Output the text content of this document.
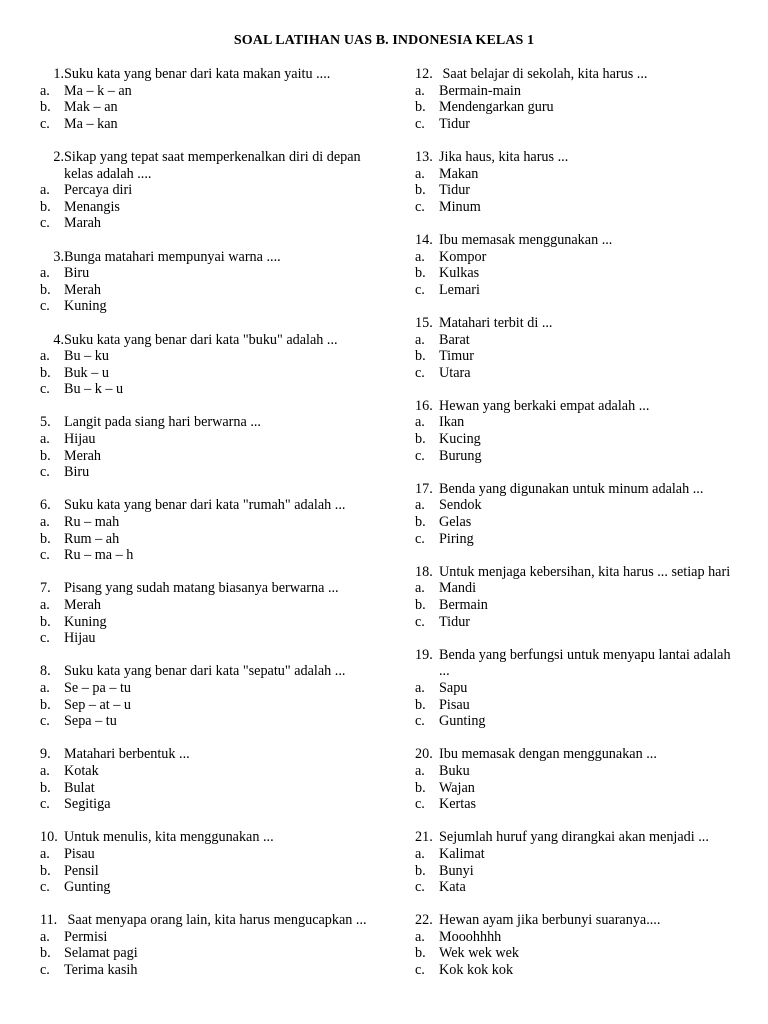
SOAL LATIHAN UAS B. INDONESIA KELAS 1
1. Suku kata yang benar dari kata makan yaitu ....
a. Ma – k – an
b. Mak – an
c. Ma – kan
2. Sikap yang tepat saat memperkenalkan diri di depan kelas adalah ....
a. Percaya diri
b. Menangis
c. Marah
3. Bunga matahari mempunyai warna ....
a. Biru
b. Merah
c. Kuning
4. Suku kata yang benar dari kata "buku" adalah ...
a. Bu – ku
b. Buk – u
c. Bu – k – u
5. Langit pada siang hari berwarna ...
a. Hijau
b. Merah
c. Biru
6. Suku kata yang benar dari kata "rumah" adalah ...
a. Ru – mah
b. Rum – ah
c. Ru – ma – h
7. Pisang yang sudah matang biasanya berwarna ...
a. Merah
b. Kuning
c. Hijau
8. Suku kata yang benar dari kata "sepatu" adalah ...
a. Se – pa – tu
b. Sep – at – u
c. Sepa – tu
9. Matahari berbentuk ...
a. Kotak
b. Bulat
c. Segitiga
10. Untuk menulis, kita menggunakan ...
a. Pisau
b. Pensil
c. Gunting
11. Saat menyapa orang lain, kita harus mengucapkan ...
a. Permisi
b. Selamat pagi
c. Terima kasih
12. Saat belajar di sekolah, kita harus ...
a. Bermain-main
b. Mendengarkan guru
c. Tidur
13. Jika haus, kita harus ...
a. Makan
b. Tidur
c. Minum
14. Ibu memasak menggunakan ...
a. Kompor
b. Kulkas
c. Lemari
15. Matahari terbit di ...
a. Barat
b. Timur
c. Utara
16. Hewan yang berkaki empat adalah ...
a. Ikan
b. Kucing
c. Burung
17. Benda yang digunakan untuk minum adalah ...
a. Sendok
b. Gelas
c. Piring
18. Untuk menjaga kebersihan, kita harus ... setiap hari
a. Mandi
b. Bermain
c. Tidur
19. Benda yang berfungsi untuk menyapu lantai adalah ...
a. Sapu
b. Pisau
c. Gunting
20. Ibu memasak dengan menggunakan ...
a. Buku
b. Wajan
c. Kertas
21. Sejumlah huruf yang dirangkai akan menjadi ...
a. Kalimat
b. Bunyi
c. Kata
22. Hewan ayam jika berbunyi suaranya....
a. Mooohhhh
b. Wek wek wek
c. Kok kok kok
